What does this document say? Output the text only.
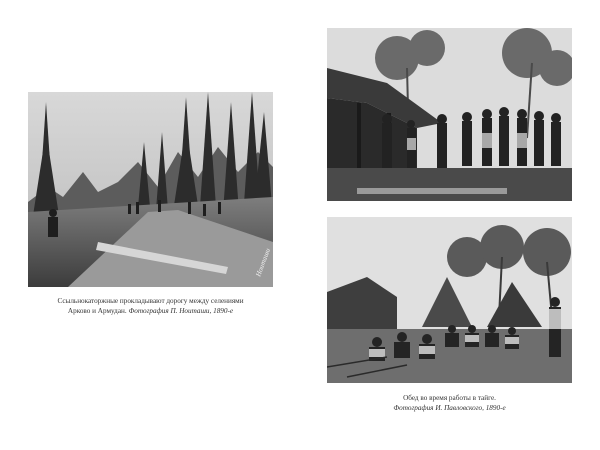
Ноиташи
Ссыльнокаторжные прокладывают дорогу между селениями
Арково и Армудан. Фотография П. Ноиташи, 1890-е
Обед во время работы в тайге.
Фотография И. Павловского, 1890-е
